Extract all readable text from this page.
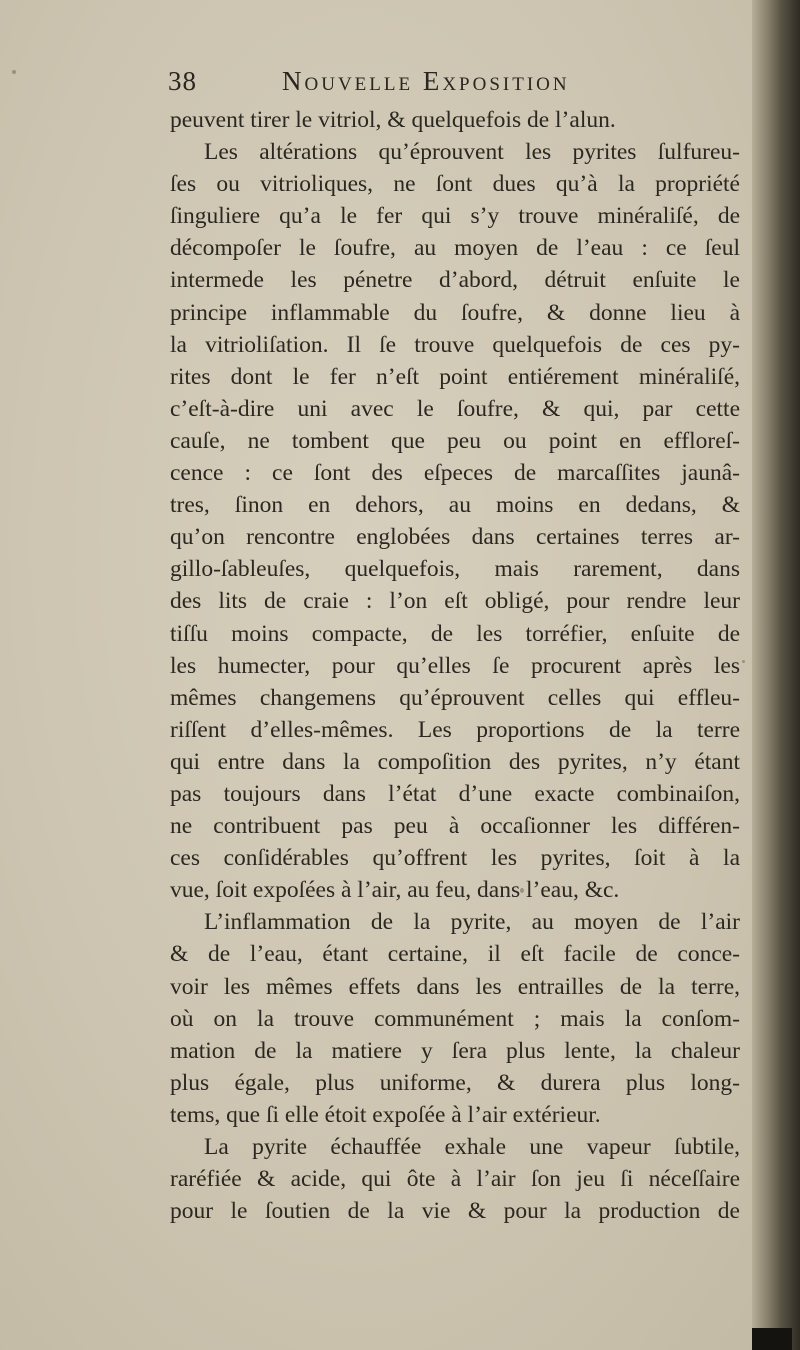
38	Nouvelle Exposition
peuvent tirer le vitriol, & quelquefois de l’alun.
Les altérations qu’éprouvent les pyrites ſulfureu-
ſes ou vitrioliques, ne ſont dues qu’à la propriété
ſinguliere qu’a le fer qui s’y trouve minéraliſé, de
décompoſer le ſoufre, au moyen de l’eau : ce ſeul
intermede les pénetre d’abord, détruit enſuite le
principe inflammable du ſoufre, & donne lieu à
la vitrioliſation. Il ſe trouve quelquefois de ces py-
rites dont le fer n’eſt point entiérement minéraliſé,
c’eſt-à-dire uni avec le ſoufre, & qui, par cette
cauſe, ne tombent que peu ou point en effloreſ-
cence : ce ſont des eſpeces de marcaſſites jaunâ-
tres, ſinon en dehors, au moins en dedans, &
qu’on rencontre englobées dans certaines terres ar-
gillo-ſableuſes, quelquefois, mais rarement, dans
des lits de craie : l’on eſt obligé, pour rendre leur
tiſſu moins compacte, de les torréfier, enſuite de
les humecter, pour qu’elles ſe procurent après les
mêmes changemens qu’éprouvent celles qui effleu-
riſſent d’elles-mêmes. Les proportions de la terre
qui entre dans la compoſition des pyrites, n’y étant
pas toujours dans l’état d’une exacte combinaiſon,
ne contribuent pas peu à occaſionner les différen-
ces conſidérables qu’offrent les pyrites, ſoit à la
vue, ſoit expoſées à l’air, au feu, dans l’eau, &c.
L’inflammation de la pyrite, au moyen de l’air
& de l’eau, étant certaine, il eſt facile de conce-
voir les mêmes effets dans les entrailles de la terre,
où on la trouve communément ; mais la conſom-
mation de la matiere y ſera plus lente, la chaleur
plus égale, plus uniforme, & durera plus long-
tems, que ſi elle étoit expoſée à l’air extérieur.
La pyrite échauffée exhale une vapeur ſubtile,
raréfiée & acide, qui ôte à l’air ſon jeu ſi néceſſaire
pour le ſoutien de la vie & pour la production de
